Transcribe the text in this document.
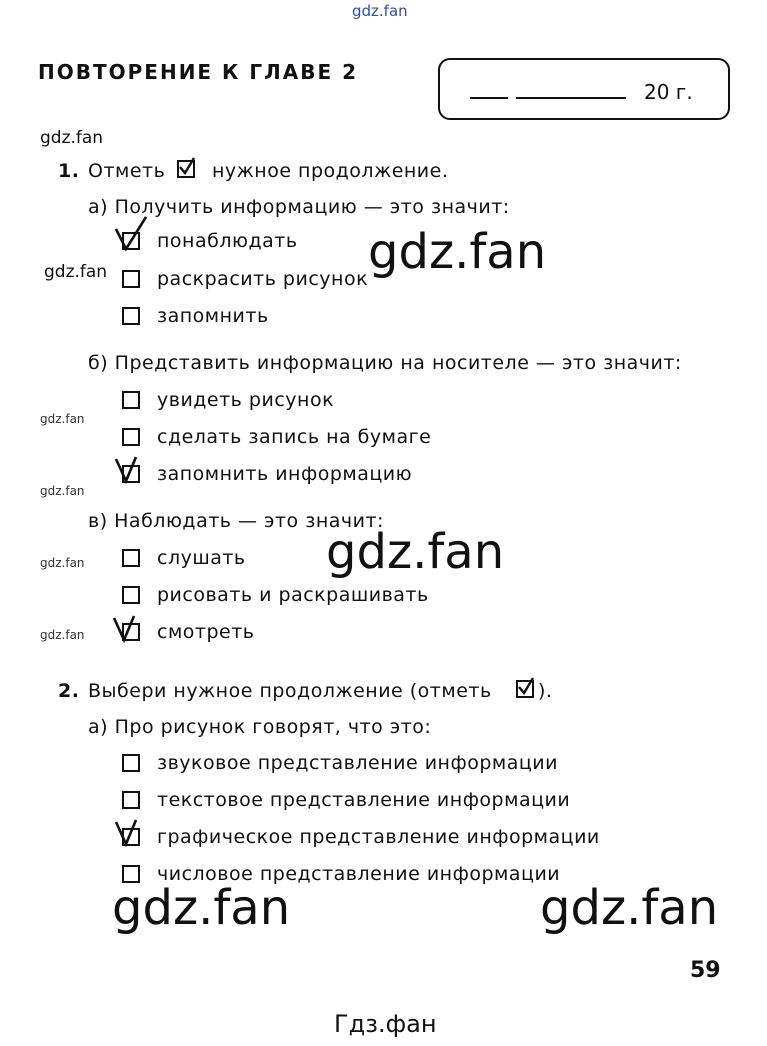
gdz.fan
ПОВТОРЕНИЕ К ГЛАВЕ 2
20 г.
gdz.fan
1. Отметь нужное продолжение.
а) Получить информацию — это значит:
понаблюдать
gdz.fan	раскрасить рисунок gdz.fan
запомнить
б) Представить информацию на носителе — это значит:
увидеть рисунок
gdz.fan
сделать запись на бумаге
запомнить информацию
gdz.fan
в) Наблюдать — это значит:
слушать
gdz.fan	gdz.fan
рисовать и раскрашивать
смотреть
gdz.fan
2. Выбери нужное продолжение (отметь ).
а) Про рисунок говорят, что это:
звуковое представление информации
текстовое представление информации
графическое представление информации
числовое представление информации
gdz.fan	gdz.fan
59
Гдз.фан
